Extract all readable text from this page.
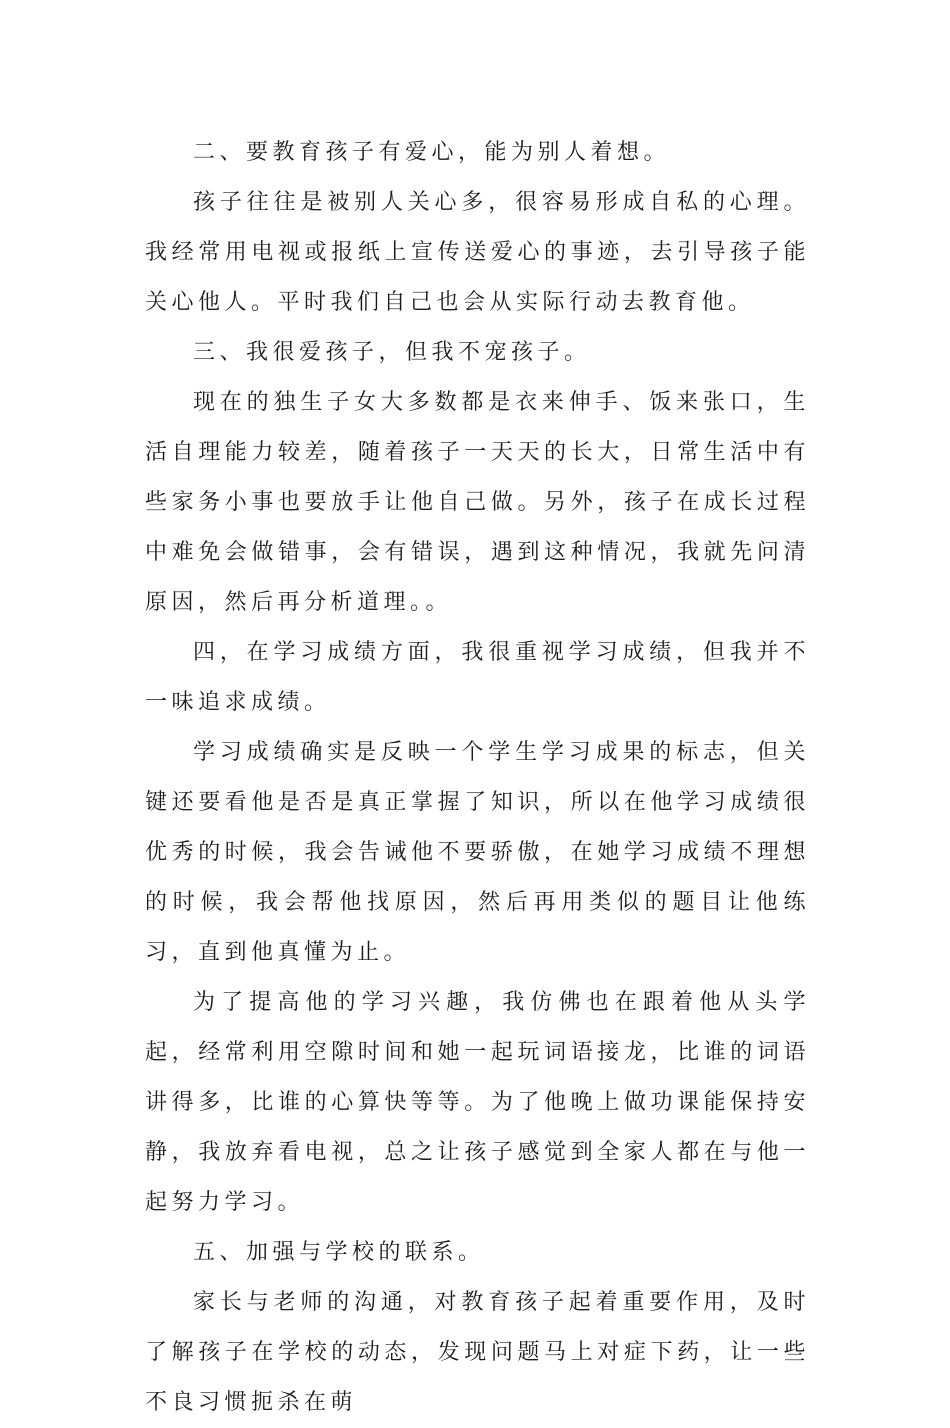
二、要教育孩子有爱心，能为别人着想。

孩子往往是被别人关心多，很容易形成自私的心理。我经常用电视或报纸上宣传送爱心的事迹，去引导孩子能关心他人。平时我们自己也会从实际行动去教育他。

三、我很爱孩子，但我不宠孩子。

现在的独生子女大多数都是衣来伸手、饭来张口，生活自理能力较差，随着孩子一天天的长大，日常生活中有些家务小事也要放手让他自己做。另外，孩子在成长过程中难免会做错事，会有错误，遇到这种情况，我就先问清原因，然后再分析道理。。

四，在学习成绩方面，我很重视学习成绩，但我并不一味追求成绩。

学习成绩确实是反映一个学生学习成果的标志，但关键还要看他是否是真正掌握了知识，所以在他学习成绩很优秀的时候，我会告诫他不要骄傲，在她学习成绩不理想的时候，我会帮他找原因，然后再用类似的题目让他练习，直到他真懂为止。

为了提高他的学习兴趣，我仿佛也在跟着他从头学起，经常利用空隙时间和她一起玩词语接龙，比谁的词语讲得多，比谁的心算快等等。为了他晚上做功课能保持安静，我放弃看电视，总之让孩子感觉到全家人都在与他一起努力学习。

五、加强与学校的联系。

家长与老师的沟通，对教育孩子起着重要作用，及时了解孩子在学校的动态，发现问题马上对症下药，让一些不良习惯扼杀在萌
